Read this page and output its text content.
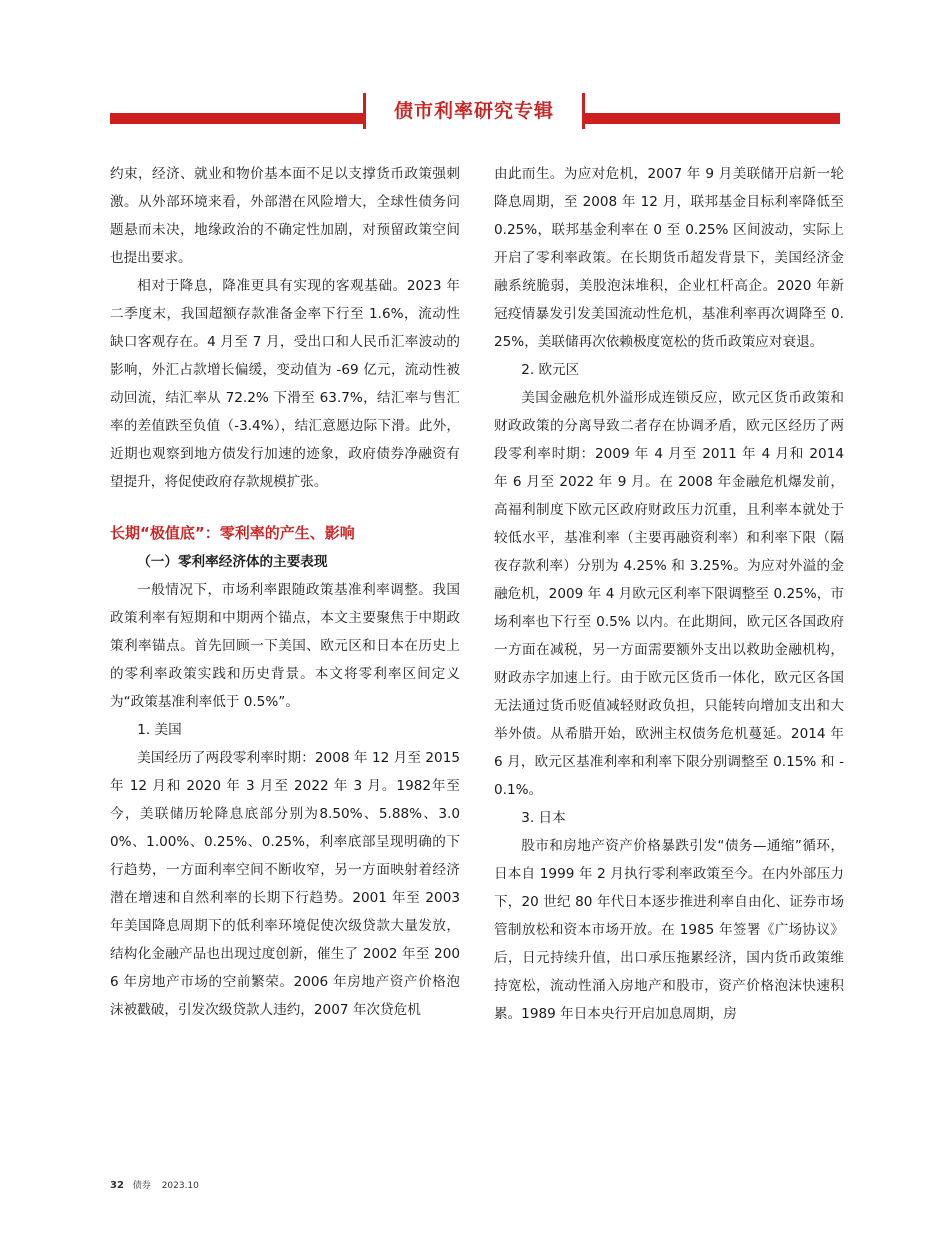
债市利率研究专辑

约束，经济、就业和物价基本面不足以支撑货币政策强刺激。从外部环境来看，外部潜在风险增大，全球性债务问题悬而未决，地缘政治的不确定性加剧，对预留政策空间也提出要求。

相对于降息，降准更具有实现的客观基础。2023 年二季度末，我国超额存款准备金率下行至 1.6%，流动性缺口客观存在。4 月至 7 月，受出口和人民币汇率波动的影响，外汇占款增长偏缓，变动值为 -69 亿元，流动性被动回流，结汇率从 72.2% 下滑至 63.7%，结汇率与售汇率的差值跌至负值（-3.4%），结汇意愿边际下滑。此外，近期也观察到地方债发行加速的迹象，政府债券净融资有望提升，将促使政府存款规模扩张。

长期“极值底”：零利率的产生、影响
（一）零利率经济体的主要表现

一般情况下，市场利率跟随政策基准利率调整。我国政策利率有短期和中期两个锚点，本文主要聚焦于中期政策利率锚点。首先回顾一下美国、欧元区和日本在历史上的零利率政策实践和历史背景。本文将零利率区间定义为“政策基准利率低于 0.5%”。

1. 美国

美国经历了两段零利率时期：2008 年 12 月至 2015 年 12 月和 2020 年 3 月至 2022 年 3 月。1982年至今，美联储历轮降息底部分别为8.50%、5.88%、3.00%、1.00%、0.25%、0.25%，利率底部呈现明确的下行趋势，一方面利率空间不断收窄，另一方面映射着经济潜在增速和自然利率的长期下行趋势。2001 年至 2003 年美国降息周期下的低利率环境促使次级贷款大量发放，结构化金融产品也出现过度创新，催生了 2002 年至 2006 年房地产市场的空前繁荣。2006 年房地产资产价格泡沫被戳破，引发次级贷款人违约，2007 年次贷危机

由此而生。为应对危机，2007 年 9 月美联储开启新一轮降息周期，至 2008 年 12 月，联邦基金目标利率降低至 0.25%，联邦基金利率在 0 至 0.25% 区间波动，实际上开启了零利率政策。在长期货币超发背景下，美国经济金融系统脆弱，美股泡沫堆积，企业杠杆高企。2020 年新冠疫情暴发引发美国流动性危机，基准利率再次调降至 0.25%，美联储再次依赖极度宽松的货币政策应对衰退。

2. 欧元区

美国金融危机外溢形成连锁反应，欧元区货币政策和财政政策的分离导致二者存在协调矛盾，欧元区经历了两段零利率时期：2009 年 4 月至 2011 年 4 月和 2014 年 6 月至 2022 年 9 月。在 2008 年金融危机爆发前，高福利制度下欧元区政府财政压力沉重，且利率本就处于较低水平，基准利率（主要再融资利率）和利率下限（隔夜存款利率）分别为 4.25% 和 3.25%。为应对外溢的金融危机，2009 年 4 月欧元区利率下限调整至 0.25%，市场利率也下行至 0.5% 以内。在此期间，欧元区各国政府一方面在减税，另一方面需要额外支出以救助金融机构，财政赤字加速上行。由于欧元区货币一体化，欧元区各国无法通过货币贬值减轻财政负担，只能转向增加支出和大举外债。从希腊开始，欧洲主权债务危机蔓延。2014 年 6 月，欧元区基准利率和利率下限分别调整至 0.15% 和 -0.1%。

3. 日本

股市和房地产资产价格暴跌引发“债务—通缩”循环，日本自 1999 年 2 月执行零利率政策至今。在内外部压力下，20 世纪 80 年代日本逐步推进利率自由化、证券市场管制放松和资本市场开放。在 1985 年签署《广场协议》后，日元持续升值，出口承压拖累经济，国内货币政策维持宽松，流动性涌入房地产和股市，资产价格泡沫快速积累。1989 年日本央行开启加息周期，房

32 债券 2023.10
